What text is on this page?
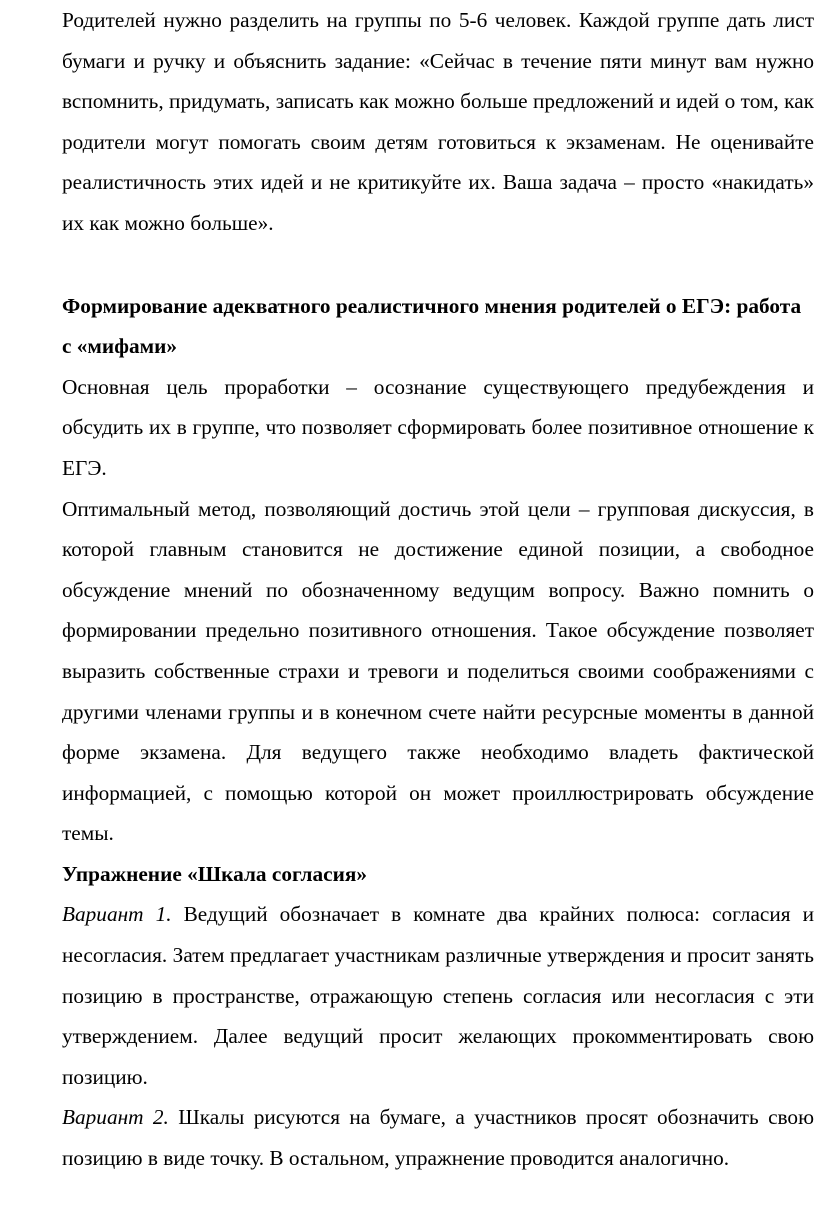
Родителей нужно разделить на группы по 5-6 человек. Каждой группе дать лист бумаги и ручку и объяснить задание: «Сейчас в течение пяти минут вам нужно вспомнить, придумать, записать как можно больше предложений и идей о том, как родители могут помогать своим детям готовиться к экзаменам. Не оценивайте реалистичность этих идей и не критикуйте их. Ваша задача – просто «накидать» их как можно больше».

Формирование адекватного реалистичного мнения родителей о ЕГЭ: работа с «мифами»

Основная цель проработки – осознание существующего предубеждения и обсудить их в группе, что позволяет сформировать более позитивное отношение к ЕГЭ.

Оптимальный метод, позволяющий достичь этой цели – групповая дискуссия, в которой главным становится не достижение единой позиции, а свободное обсуждение мнений по обозначенному ведущим вопросу. Важно помнить о формировании предельно позитивного отношения. Такое обсуждение позволяет выразить собственные страхи и тревоги и поделиться своими соображениями с другими членами группы и в конечном счете найти ресурсные моменты в данной форме экзамена. Для ведущего также необходимо владеть фактической информацией, с помощью которой он может проиллюстрировать обсуждение темы.

Упражнение «Шкала согласия»

Вариант 1. Ведущий обозначает в комнате два крайних полюса: согласия и несогласия. Затем предлагает участникам различные утверждения и просит занять позицию в пространстве, отражающую степень согласия или несогласия с эти утверждением. Далее ведущий просит желающих прокомментировать свою позицию.

Вариант 2. Шкалы рисуются на бумаге, а участников просят обозначить свою позицию в виде точку. В остальном, упражнение проводится аналогично.
